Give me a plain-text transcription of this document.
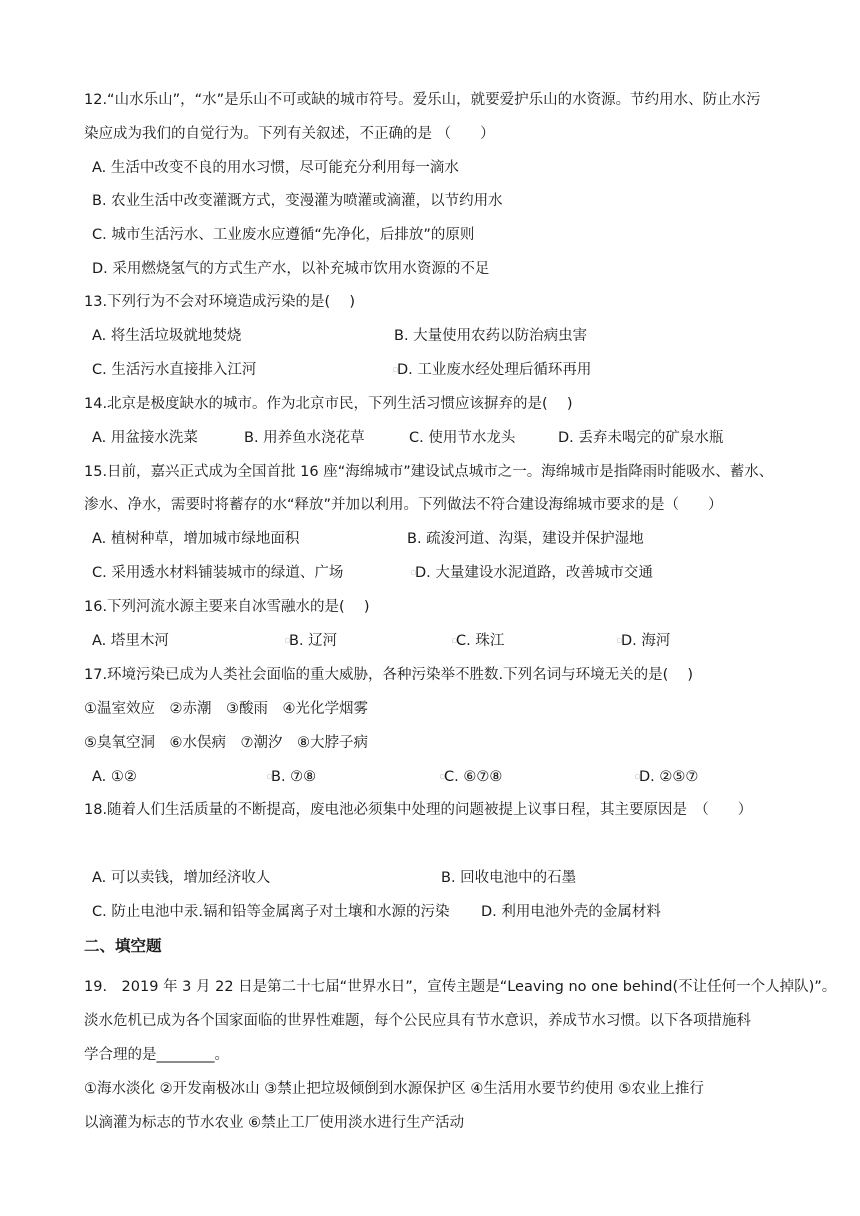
12.“山水乐山”，“水”是乐山不可或缺的城市符号。爱乐山，就要爱护乐山的水资源。节约用水、防止水污
染应成为我们的自觉行为。下列有关叙述，不正确的是 （　　）
A. 生活中改变不良的用水习惯，尽可能充分利用每一滴水
B. 农业生活中改变灌溉方式，变漫灌为喷灌或滴灌，以节约用水
C. 城市生活污水、工业废水应遵循“先净化，后排放”的原则
D. 采用燃烧氢气的方式生产水，以补充城市饮用水资源的不足
13.下列行为不会对环境造成污染的是(　 )
A. 将生活垃圾就地焚烧	B. 大量使用农药以防治病虫害
C. 生活污水直接排入江河	□ D. 工业废水经处理后循环再用
14.北京是极度缺水的城市。作为北京市民，下列生活习惯应该摒弃的是(　 )
A. 用盆接水洗菜	B. 用养鱼水浇花草	C. 使用节水龙头	D. 丢弃未喝完的矿泉水瓶
15.日前，嘉兴正式成为全国首批 16 座“海绵城市”建设试点城市之一。海绵城市是指降雨时能吸水、蓄水、
渗水、净水，需要时将蓄存的水“释放”并加以利用。下列做法不符合建设海绵城市要求的是（　　）
A. 植树种草，增加城市绿地面积	B. 疏浚河道、沟渠，建设并保护湿地
C. 采用透水材料铺装城市的绿道、广场	□ D. 大量建设水泥道路，改善城市交通
16.下列河流水源主要来自冰雪融水的是(　 )
A. 塔里木河	□ B. 辽河	□ C. 珠江	□ D. 海河
17.环境污染已成为人类社会面临的重大威胁，各种污染举不胜数.下列名词与环境无关的是(　 )
①温室效应　②赤潮　③酸雨　④光化学烟雾
⑤臭氧空洞　⑥水俣病　⑦潮汐　⑧大脖子病
A. ①②	□ B. ⑦⑧	□ C. ⑥⑦⑧	□ D. ②⑤⑦
18.随着人们生活质量的不断提高，废电池必须集中处理的问题被提上议事日程，其主要原因是　（　　）
A. 可以卖钱，增加经济收人	B. 回收电池中的石墨
C. 防止电池中汞.镉和铅等金属离子对土壤和水源的污染 D. 利用电池外壳的金属材料
二、填空题
19.　2019 年 3 月 22 日是第二十七届“世界水日”，宣传主题是“Leaving no one behind(不让任何一个人掉队)”。
淡水危机已成为各个国家面临的世界性难题，每个公民应具有节水意识，养成节水习惯。以下各项措施科
学合理的是________。
①海水淡化 ②开发南极冰山 ③禁止把垃圾倾倒到水源保护区 ④生活用水要节约使用 ⑤农业上推行
以滴灌为标志的节水农业 ⑥禁止工厂使用淡水进行生产活动
